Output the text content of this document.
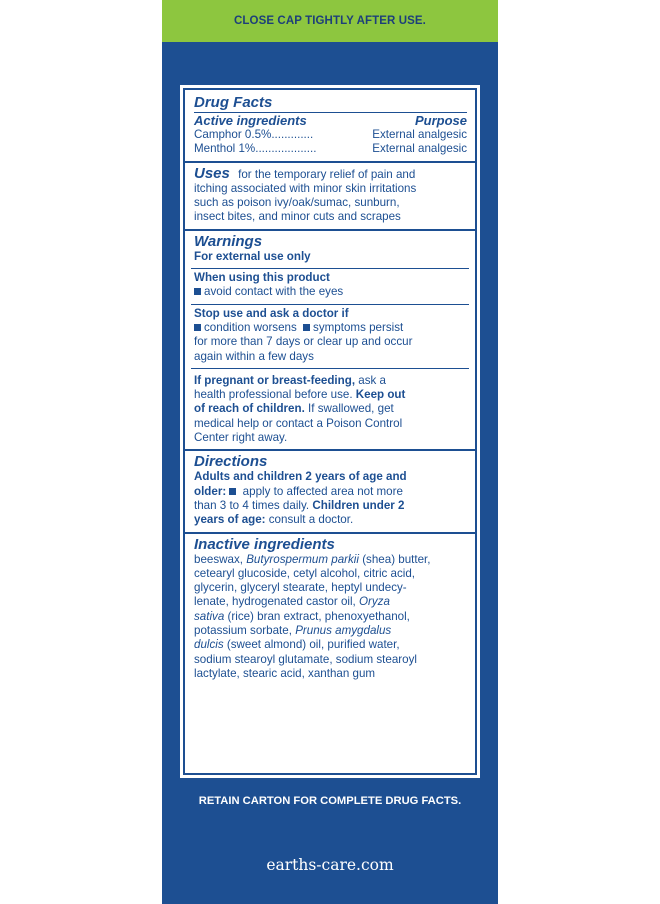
CLOSE CAP TIGHTLY AFTER USE.
Drug Facts
Active ingredients	Purpose
Camphor 0.5%.............	External analgesic
Menthol 1%...................	External analgesic
Uses for the temporary relief of pain and
itching associated with minor skin irritations
such as poison ivy/oak/sumac, sunburn,
insect bites, and minor cuts and scrapes
Warnings
For external use only
When using this product
avoid contact with the eyes
Stop use and ask a doctor if
condition worsens symptoms persist
for more than 7 days or clear up and occur
again within a few days
If pregnant or breast-feeding, ask a
health professional before use. Keep out
of reach of children. If swallowed, get
medical help or contact a Poison Control
Center right away.
Directions
Adults and children 2 years of age and
older:  apply to affected area not more
than 3 to 4 times daily. Children under 2
years of age: consult a doctor.
Inactive ingredients
beeswax, Butyrospermum parkii (shea) butter,
cetearyl glucoside, cetyl alcohol, citric acid,
glycerin, glyceryl stearate, heptyl undecy-
lenate, hydrogenated castor oil, Oryza
sativa (rice) bran extract, phenoxyethanol,
potassium sorbate, Prunus amygdalus
dulcis (sweet almond) oil, purified water,
sodium stearoyl glutamate, sodium stearoyl
lactylate, stearic acid, xanthan gum
RETAIN CARTON FOR COMPLETE DRUG FACTS.
earths-care.com
